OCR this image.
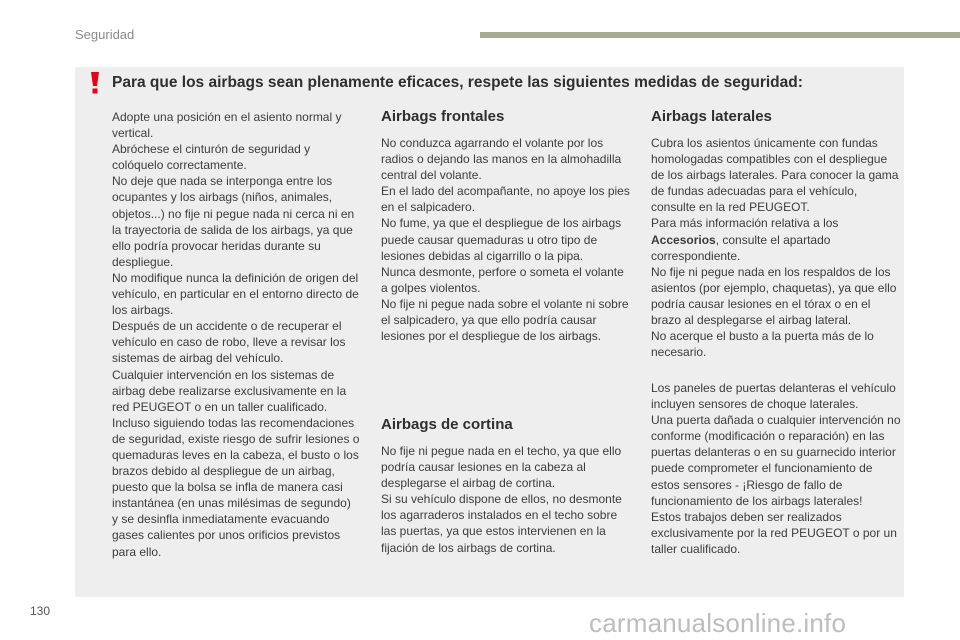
Seguridad
Para que los airbags sean plenamente eficaces, respete las siguientes medidas de seguridad:

Adopte una posición en el asiento normal y vertical.

Abróchese el cinturón de seguridad y colóquelo correctamente.

No deje que nada se interponga entre los ocupantes y los airbags (niños, animales, objetos...) no fije ni pegue nada ni cerca ni en la trayectoria de salida de los airbags, ya que ello podría provocar heridas durante su despliegue.

No modifique nunca la definición de origen del vehículo, en particular en el entorno directo de los airbags.

Después de un accidente o de recuperar el vehículo en caso de robo, lleve a revisar los sistemas de airbag del vehículo.

Cualquier intervención en los sistemas de airbag debe realizarse exclusivamente en la red PEUGEOT o en un taller cualificado.

Incluso siguiendo todas las recomendaciones de seguridad, existe riesgo de sufrir lesiones o quemaduras leves en la cabeza, el busto o los brazos debido al despliegue de un airbag, puesto que la bolsa se infla de manera casi instantánea (en unas milésimas de segundo) y se desinfla inmediatamente evacuando gases calientes por unos orificios previstos para ello.

Airbags frontales

No conduzca agarrando el volante por los radios o dejando las manos en la almohadilla central del volante.

En el lado del acompañante, no apoye los pies en el salpicadero.

No fume, ya que el despliegue de los airbags puede causar quemaduras u otro tipo de lesiones debidas al cigarrillo o la pipa.

Nunca desmonte, perfore o someta el volante a golpes violentos.

No fije ni pegue nada sobre el volante ni sobre el salpicadero, ya que ello podría causar lesiones por el despliegue de los airbags.

Airbags de cortina

No fije ni pegue nada en el techo, ya que ello podría causar lesiones en la cabeza al desplegarse el airbag de cortina.

Si su vehículo dispone de ellos, no desmonte los agarraderos instalados en el techo sobre las puertas, ya que estos intervienen en la fijación de los airbags de cortina.

Airbags laterales

Cubra los asientos únicamente con fundas homologadas compatibles con el despliegue de los airbags laterales. Para conocer la gama de fundas adecuadas para el vehículo, consulte en la red PEUGEOT.

Para más información relativa a los Accesorios, consulte el apartado correspondiente.

No fije ni pegue nada en los respaldos de los asientos (por ejemplo, chaquetas), ya que ello podría causar lesiones en el tórax o en el brazo al desplegarse el airbag lateral.

No acerque el busto a la puerta más de lo necesario.

Los paneles de puertas delanteras el vehículo incluyen sensores de choque laterales.

Una puerta dañada o cualquier intervención no conforme (modificación o reparación) en las puertas delanteras o en su guarnecido interior puede comprometer el funcionamiento de estos sensores - ¡Riesgo de fallo de funcionamiento de los airbags laterales!

Estos trabajos deben ser realizados exclusivamente por la red PEUGEOT o por un taller cualificado.

130	carmanualsonline.info
